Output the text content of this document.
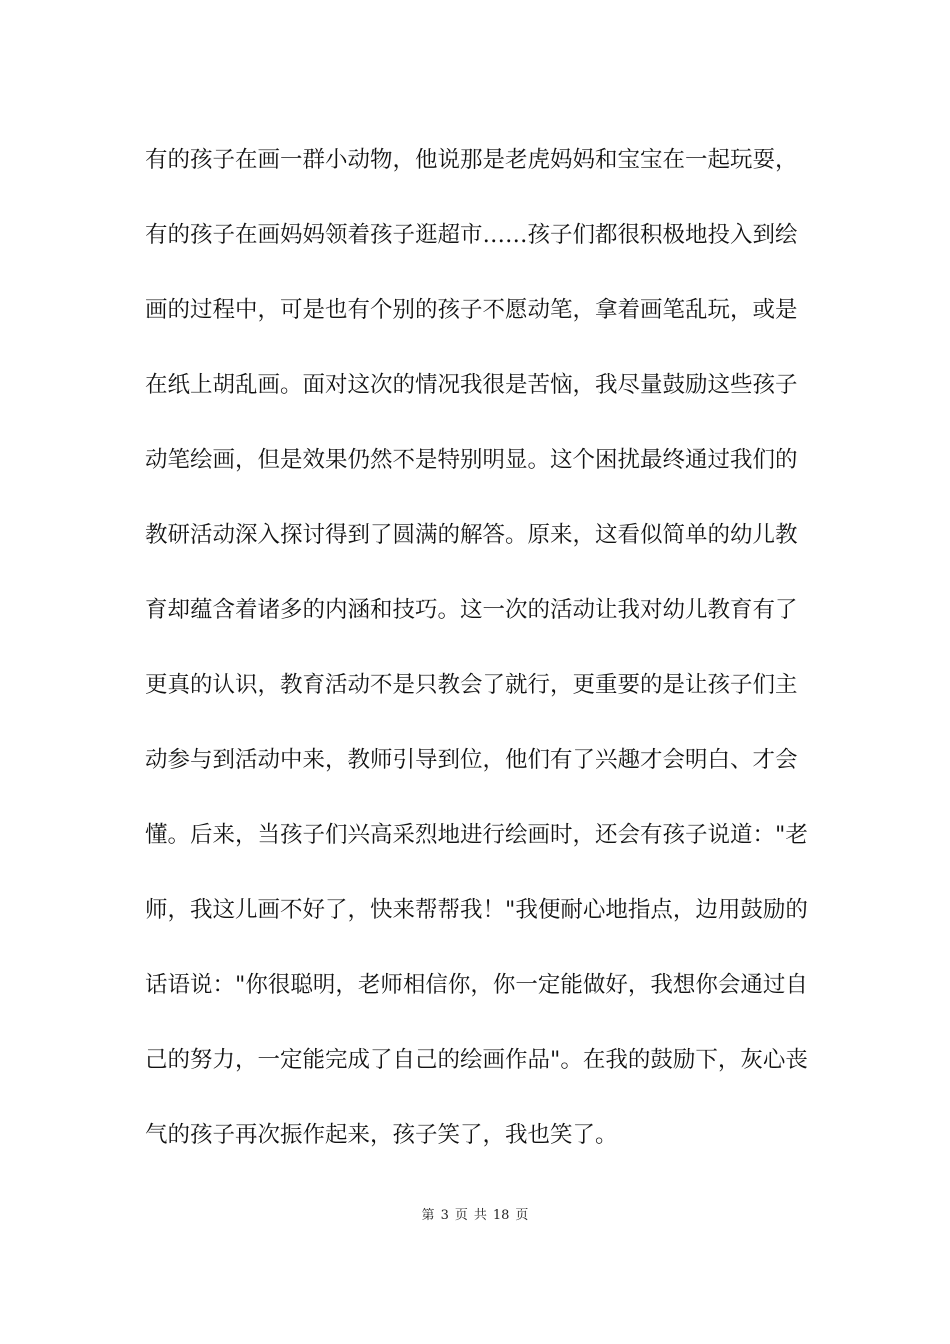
有的孩子在画一群小动物，他说那是老虎妈妈和宝宝在一起玩耍，
有的孩子在画妈妈领着孩子逛超市……孩子们都很积极地投入到绘
画的过程中，可是也有个别的孩子不愿动笔，拿着画笔乱玩，或是
在纸上胡乱画。面对这次的情况我很是苦恼，我尽量鼓励这些孩子
动笔绘画，但是效果仍然不是特别明显。这个困扰最终通过我们的
教研活动深入探讨得到了圆满的解答。原来，这看似简单的幼儿教
育却蕴含着诸多的内涵和技巧。这一次的活动让我对幼儿教育有了
更真的认识，教育活动不是只教会了就行，更重要的是让孩子们主
动参与到活动中来，教师引导到位，他们有了兴趣才会明白、才会
懂。后来，当孩子们兴高采烈地进行绘画时，还会有孩子说道："老
师，我这儿画不好了，快来帮帮我！"我便耐心地指点，边用鼓励的
话语说："你很聪明，老师相信你，你一定能做好，我想你会通过自
己的努力，一定能完成了自己的绘画作品"。在我的鼓励下，灰心丧
气的孩子再次振作起来，孩子笑了，我也笑了。
第 3 页 共 18 页
